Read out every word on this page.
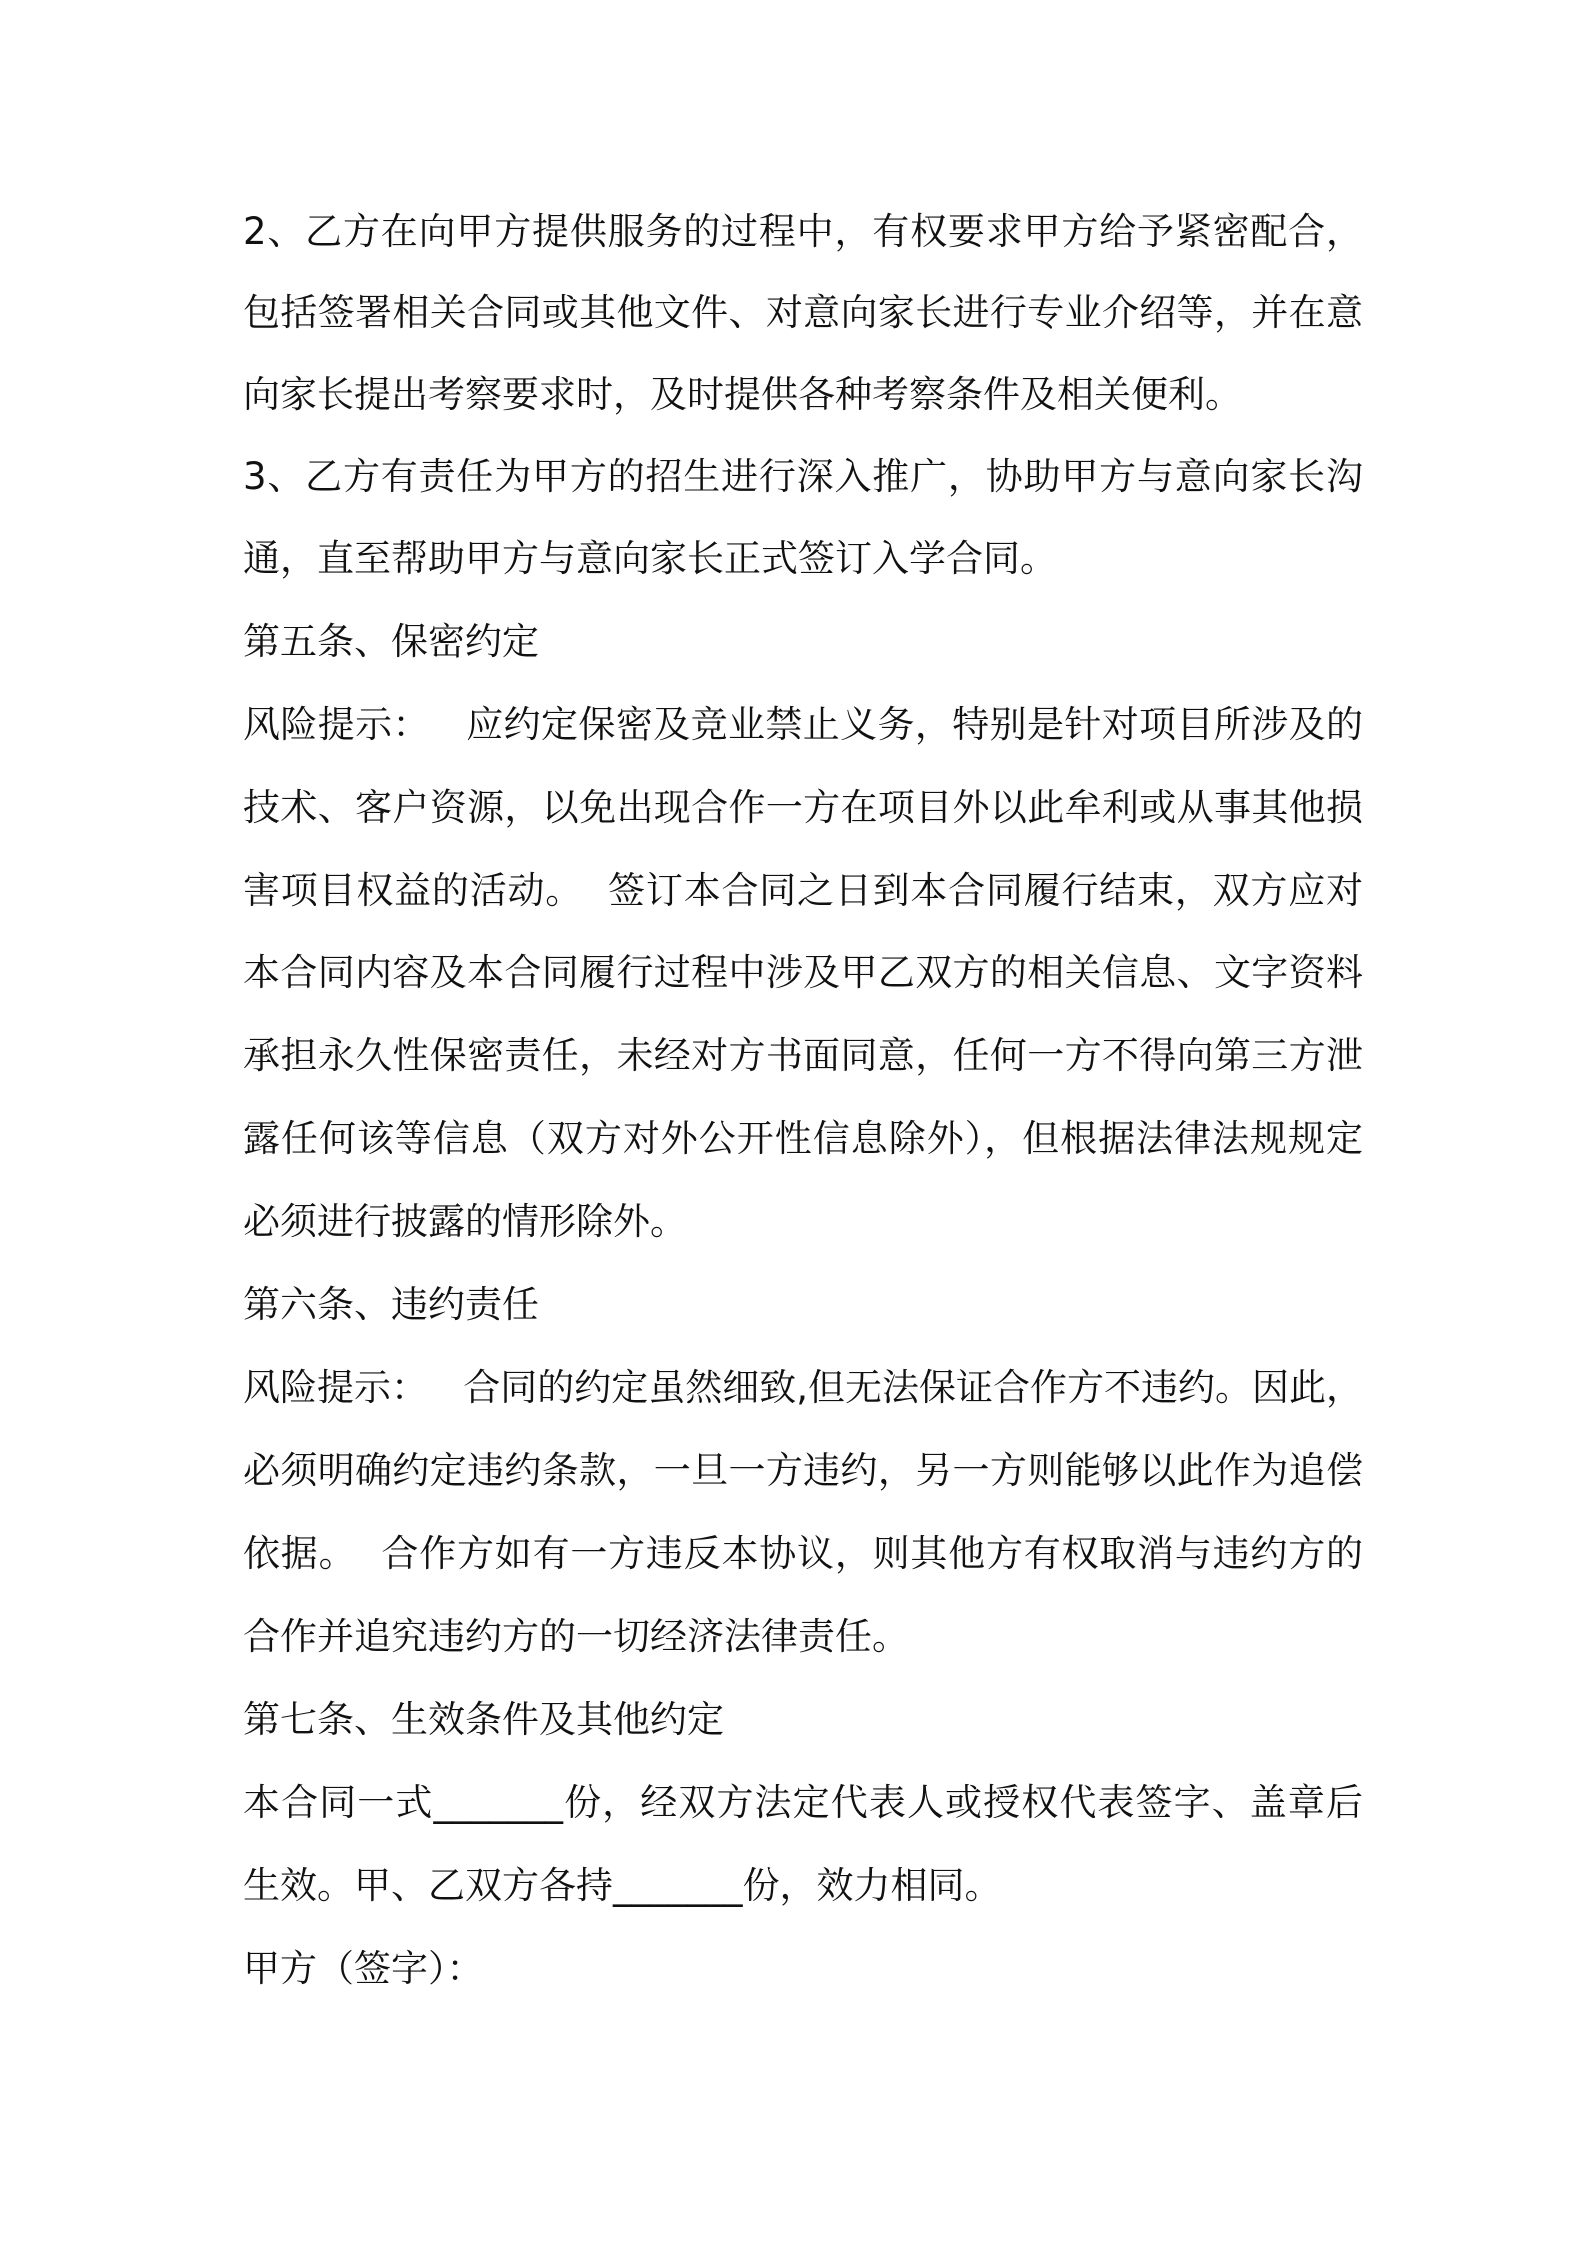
2、乙方在向甲方提供服务的过程中，有权要求甲方给予紧密配合，
包括签署相关合同或其他文件、对意向家长进行专业介绍等，并在意
向家长提出考察要求时，及时提供各种考察条件及相关便利。
3、乙方有责任为甲方的招生进行深入推广，协助甲方与意向家长沟
通，直至帮助甲方与意向家长正式签订入学合同。
第五条、保密约定
风险提示：   应约定保密及竞业禁止义务，特别是针对项目所涉及的
技术、客户资源，以免出现合作一方在项目外以此牟利或从事其他损
害项目权益的活动。  签订本合同之日到本合同履行结束，双方应对
本合同内容及本合同履行过程中涉及甲乙双方的相关信息、文字资料
承担永久性保密责任，未经对方书面同意，任何一方不得向第三方泄
露任何该等信息（双方对外公开性信息除外），但根据法律法规规定
必须进行披露的情形除外。
第六条、违约责任
风险提示：   合同的约定虽然细致,但无法保证合作方不违约。因此，
必须明确约定违约条款，一旦一方违约，另一方则能够以此作为追偿
依据。  合作方如有一方违反本协议，则其他方有权取消与违约方的
合作并追究违约方的一切经济法律责任。
第七条、生效条件及其他约定
本合同一式_______份，经双方法定代表人或授权代表签字、盖章后
生效。甲、乙双方各持_______份，效力相同。
甲方（签字）：
